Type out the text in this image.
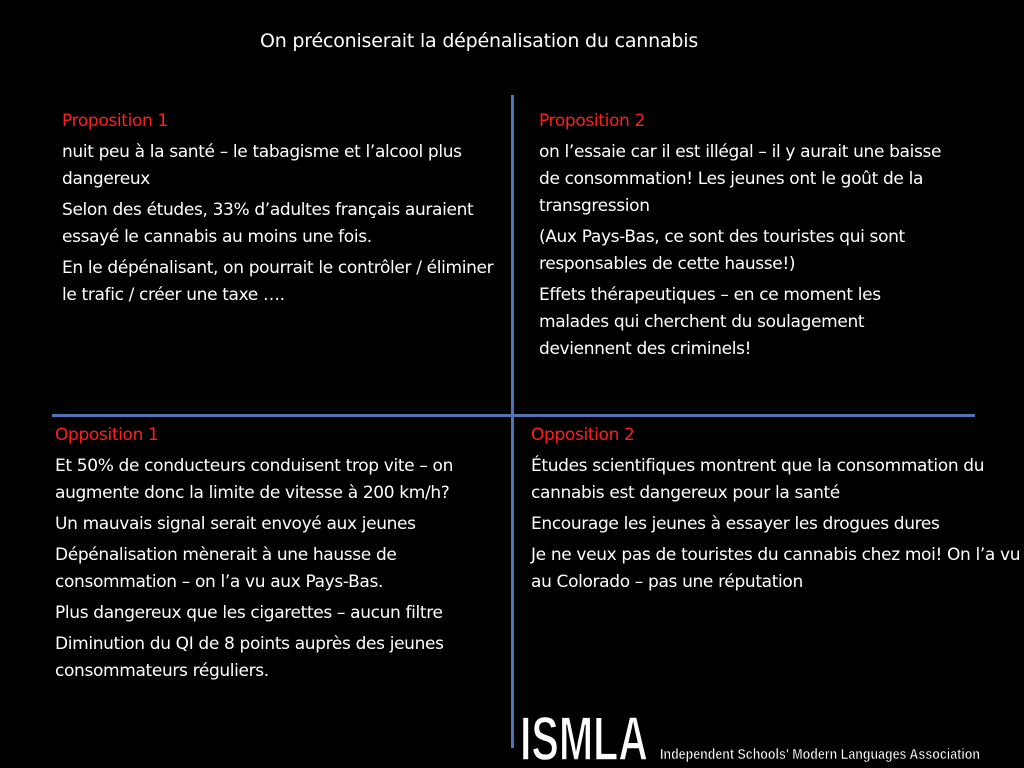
On préconiserait la dépénalisation du cannabis
Proposition 1
nuit peu à la santé – le tabagisme et l’alcool plus dangereux
Selon des études, 33% d’adultes français auraient essayé le cannabis au moins une fois.
En le dépénalisant, on pourrait le contrôler / éliminer le trafic / créer une taxe ….
Proposition 2
on l’essaie car il est illégal – il y aurait une baisse de consommation! Les jeunes ont le goût de la transgression
(Aux Pays-Bas, ce sont des touristes qui sont responsables de cette hausse!)
Effets thérapeutiques – en ce moment les malades qui cherchent du soulagement deviennent des criminels!
Opposition 1
Et 50% de conducteurs conduisent trop vite – on augmente donc la limite de vitesse à 200 km/h?
Un mauvais signal serait envoyé aux jeunes
Dépénalisation mènerait à une hausse de consommation – on l’a vu aux Pays-Bas.
Plus dangereux que les cigarettes – aucun filtre
Diminution du QI de 8 points auprès des jeunes consommateurs réguliers.
Opposition 2
Études scientifiques montrent que la consommation du cannabis est dangereux pour la santé
Encourage les jeunes à essayer les drogues dures
Je ne veux pas de touristes du cannabis chez moi! On l’a vu au Colorado – pas une réputation
ISMLA Independent Schools' Modern Languages Association
